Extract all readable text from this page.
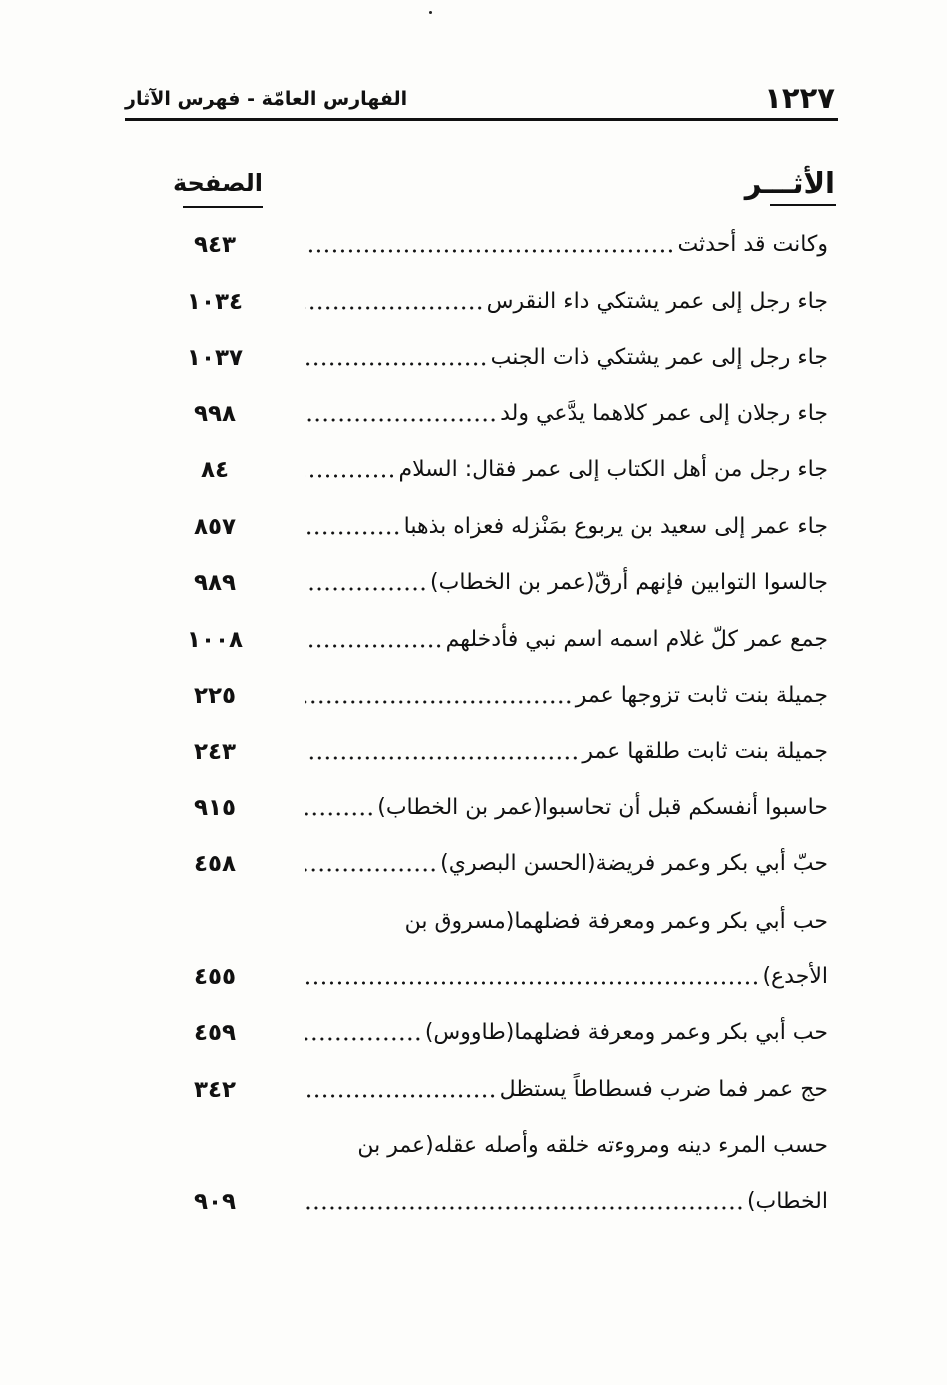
١٢٢٧
الفهارس العامّة - فهرس الآثار
الأثـــر
الصفحة
وكانت قد أحدثت
٩٤٣
جاء رجل إلى عمر يشتكي داء النقرس
١٠٣٤
جاء رجل إلى عمر يشتكي ذات الجنب
١٠٣٧
جاء رجلان إلى عمر كلاهما يدَّعي ولد
٩٩٨
جاء رجل من أهل الكتاب إلى عمر فقال: السلام
٨٤
جاء عمر إلى سعيد بن يربوع بمَنْزله فعزاه بذهبا
٨٥٧
جالسوا التوابين فإنهم أرقّ(عمر بن الخطاب)
٩٨٩
جمع عمر كلّ غلام اسمه اسم نبي فأدخلهم
١٠٠٨
جميلة بنت ثابت تزوجها عمر
٢٢٥
جميلة بنت ثابت طلقها عمر
٢٤٣
حاسبوا أنفسكم قبل أن تحاسبوا(عمر بن الخطاب)
٩١٥
حبّ أبي بكر وعمر فريضة(الحسن البصري)
٤٥٨
حب أبي بكر وعمر ومعرفة فضلهما(مسروق بن
الأجدع)
٤٥٥
حب أبي بكر وعمر ومعرفة فضلهما(طاووس)
٤٥٩
حج عمر فما ضرب فسطاطاً يستظل
٣٤٢
حسب المرء دينه ومروءته خلقه وأصله عقله(عمر بن
الخطاب)
٩٠٩
